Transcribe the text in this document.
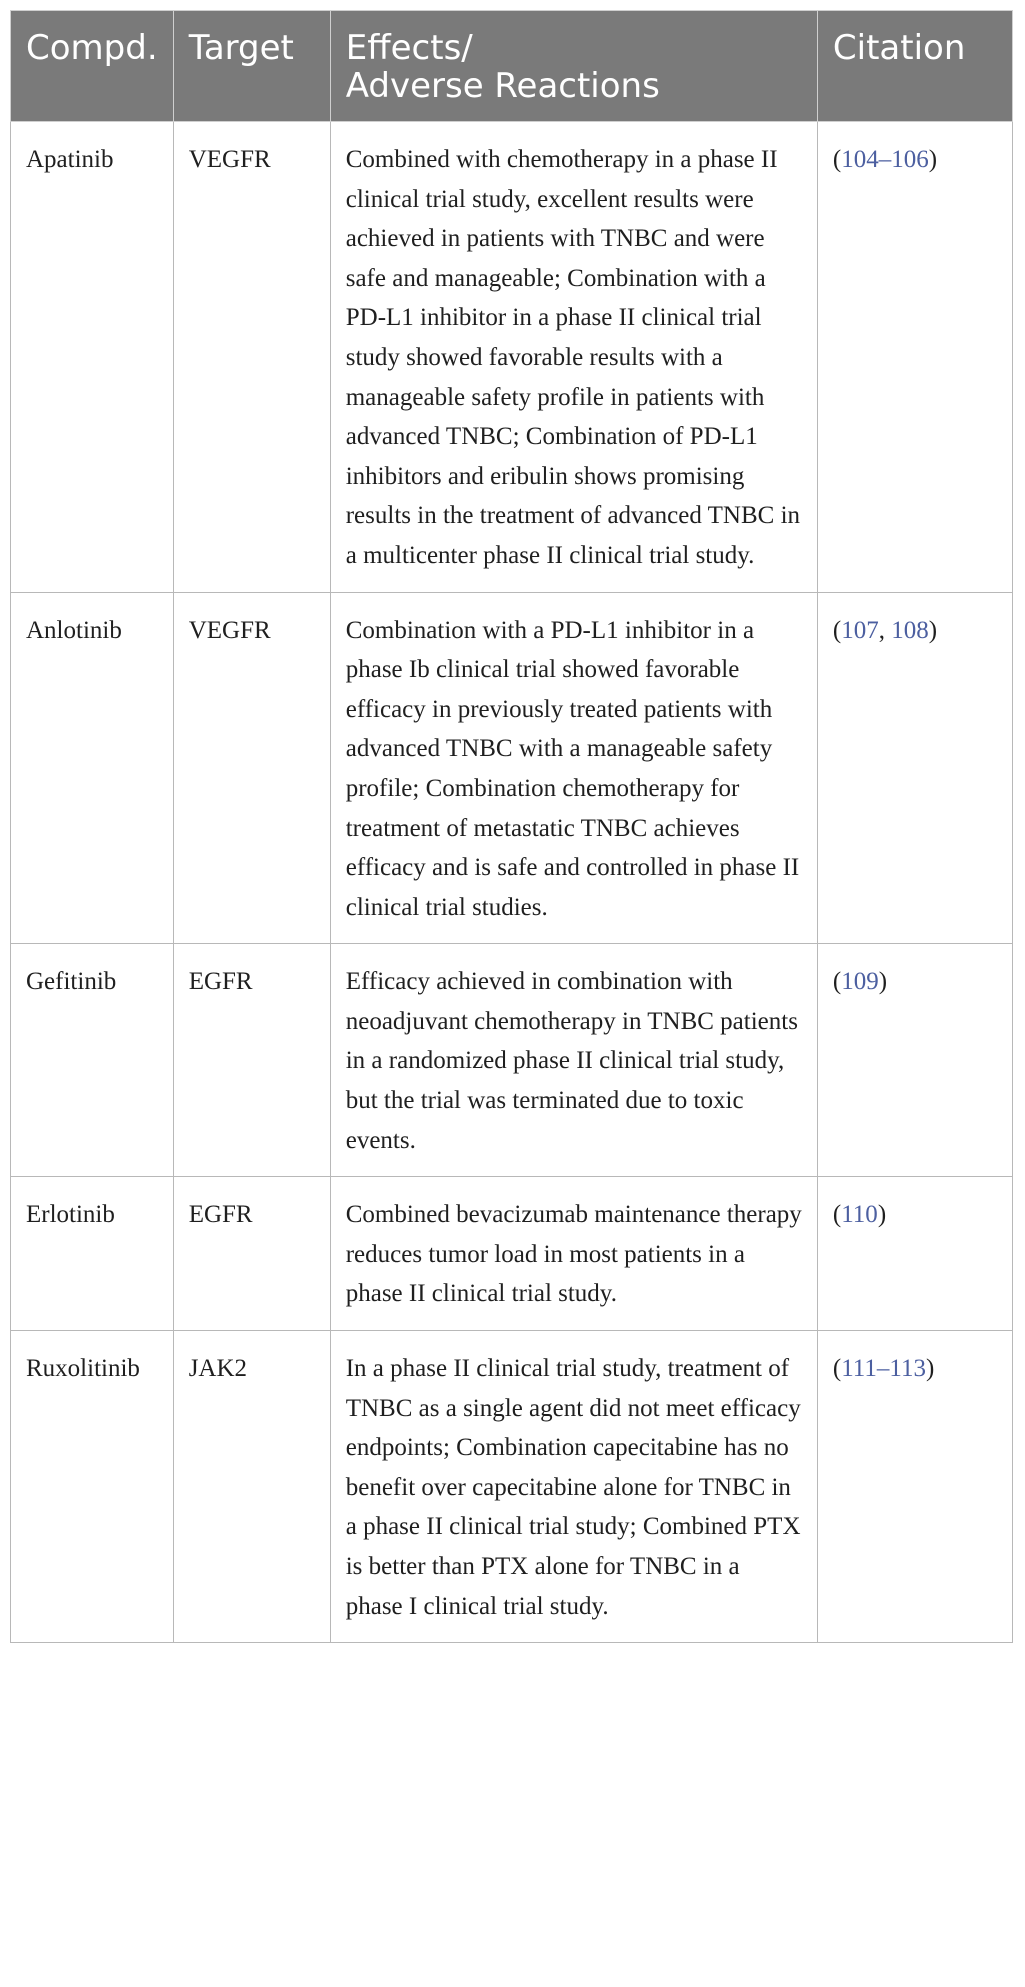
Compd.	Target	Effects/
Adverse Reactions	Citation
Apatinib	VEGFR	Combined with chemotherapy in a phase II clinical trial study, excellent results were achieved in patients with TNBC and were safe and manageable; Combination with a PD-L1 inhibitor in a phase II clinical trial study showed favorable results with a manageable safety profile in patients with advanced TNBC; Combination of PD-L1 inhibitors and eribulin shows promising results in the treatment of advanced TNBC in a multicenter phase II clinical trial study.	(104–106)
Anlotinib	VEGFR	Combination with a PD-L1 inhibitor in a phase Ib clinical trial showed favorable efficacy in previously treated patients with advanced TNBC with a manageable safety profile; Combination chemotherapy for treatment of metastatic TNBC achieves efficacy and is safe and controlled in phase II clinical trial studies.	(107, 108)
Gefitinib	EGFR	Efficacy achieved in combination with neoadjuvant chemotherapy in TNBC patients in a randomized phase II clinical trial study, but the trial was terminated due to toxic events.	(109)
Erlotinib	EGFR	Combined bevacizumab maintenance therapy reduces tumor load in most patients in a phase II clinical trial study.	(110)
Ruxolitinib	JAK2	In a phase II clinical trial study, treatment of TNBC as a single agent did not meet efficacy endpoints; Combination capecitabine has no benefit over capecitabine alone for TNBC in a phase II clinical trial study; Combined PTX is better than PTX alone for TNBC in a phase I clinical trial study.	(111–113)
